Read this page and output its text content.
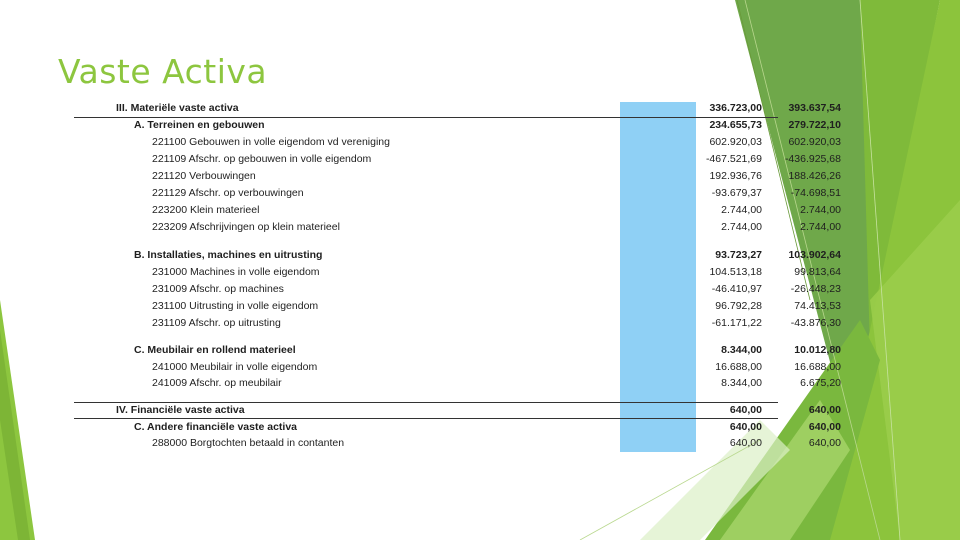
Vaste Activa
III. Materiële vaste activa	336.723,00	393.637,54
A. Terreinen en gebouwen	234.655,73	279.722,10
221100 Gebouwen in volle eigendom vd vereniging	602.920,03	602.920,03
221109 Afschr. op gebouwen in volle eigendom	-467.521,69	-436.925,68
221120 Verbouwingen	192.936,76	188.426,26
221129 Afschr. op verbouwingen	-93.679,37	-74.698,51
223200 Klein materieel	2.744,00	2.744,00
223209 Afschrijvingen op klein materieel	2.744,00	2.744,00
B. Installaties, machines en uitrusting	93.723,27	103.902,64
231000 Machines in volle eigendom	104.513,18	99.813,64
231009 Afschr. op machines	-46.410,97	-26.448,23
231100 Uitrusting in volle eigendom	96.792,28	74.413,53
231109 Afschr. op uitrusting	-61.171,22	-43.876,30
C. Meubilair en rollend materieel	8.344,00	10.012,80
241000 Meubilair in volle eigendom	16.688,00	16.688,00
241009 Afschr. op meubilair	8.344,00	6.675,20
IV. Financiële vaste activa	640,00	640,00
C. Andere financiële vaste activa	640,00	640,00
288000 Borgtochten betaald in contanten	640,00	640,00
